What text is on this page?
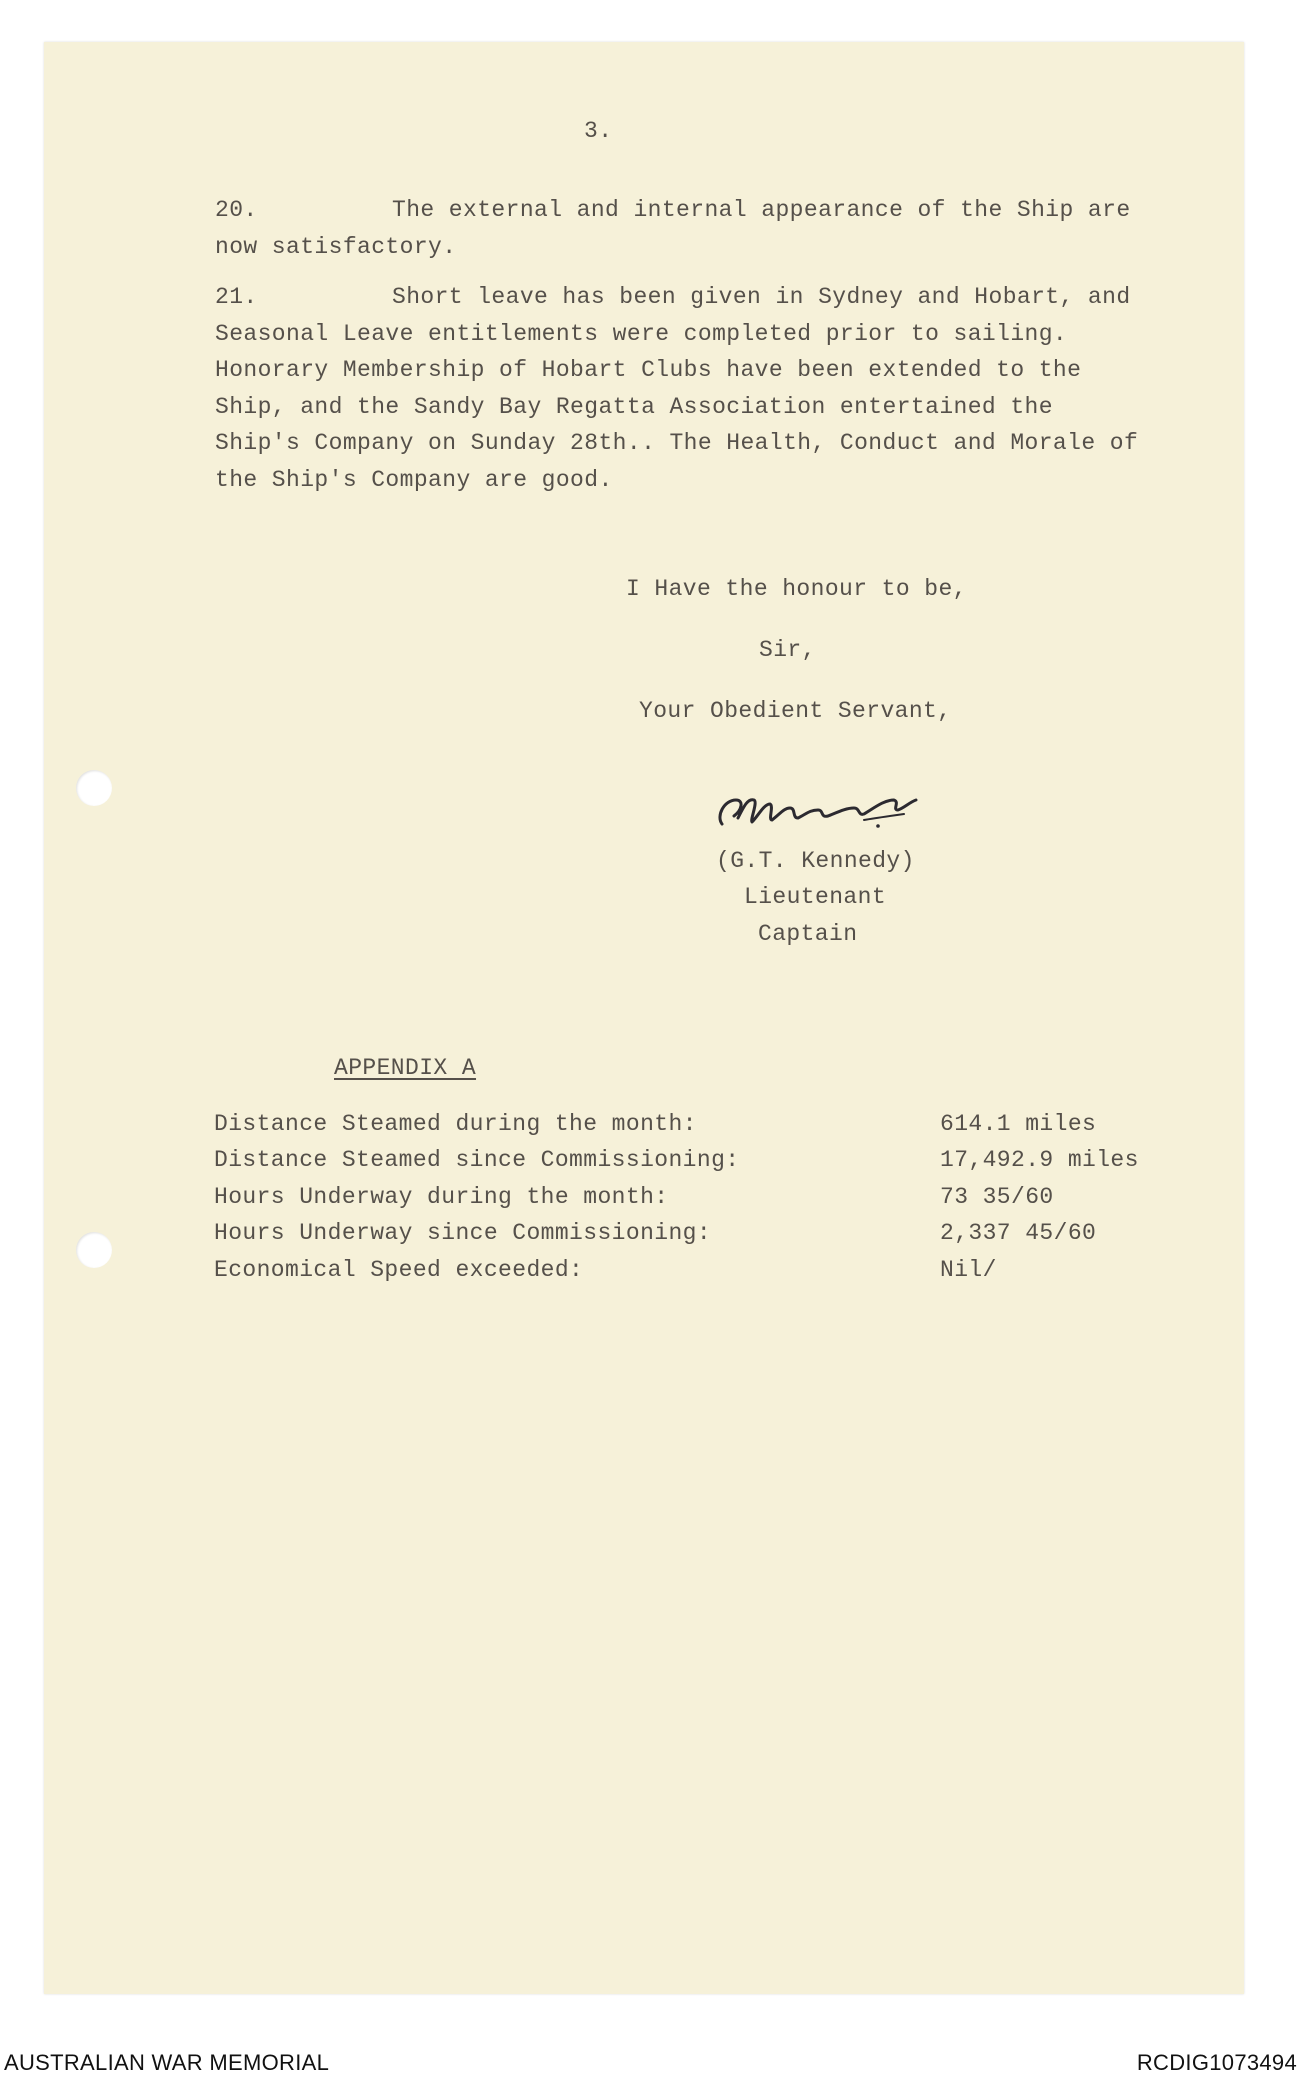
3.
20.	The external and internal appearance of the Ship are
now satisfactory.
21.	Short leave has been given in Sydney and Hobart, and
Seasonal Leave entitlements were completed prior to sailing.
Honorary Membership of Hobart Clubs have been extended to the
Ship, and the Sandy Bay Regatta Association entertained the
Ship's Company on Sunday 28th.. The Health, Conduct and Morale of
the Ship's Company are good.
I Have the honour to be,
Sir,
Your Obedient Servant,
(G.T. Kennedy)
Lieutenant
Captain
APPENDIX A
Distance Steamed during the month:	614.1 miles
Distance Steamed since Commissioning:	17,492.9 miles
Hours Underway during the month:	73 35/60
Hours Underway since Commissioning:	2,337 45/60
Economical Speed exceeded:	Nil/
AUSTRALIAN WAR MEMORIAL	RCDIG1073494
